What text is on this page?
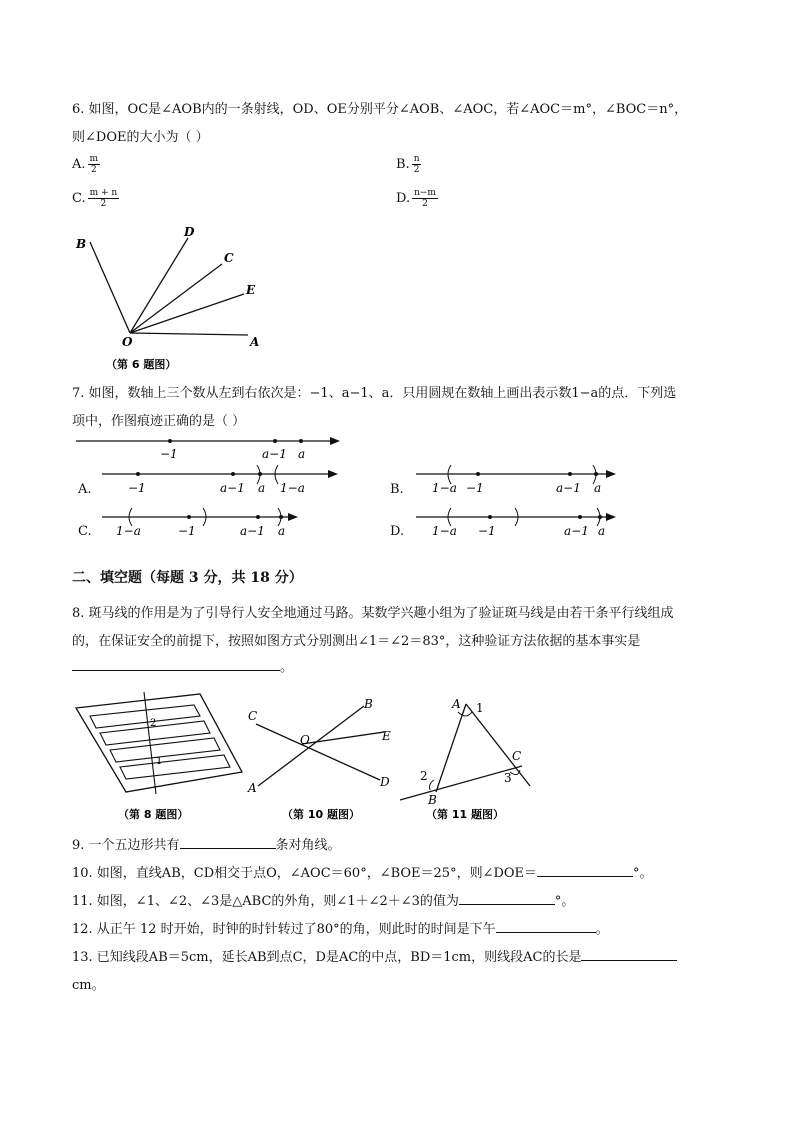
6. 如图，OC是∠AOB内的一条射线，OD、OE分别平分∠AOB、∠AOC，若∠AOC＝m°，∠BOC＝n°，
则∠DOE的大小为（ ）
A. $\frac{m}{2}$	B. $\frac{n}{2}$
C. $\frac{m + n}{2}$	D. $\frac{n-m}{2}$
B
D
C
E
O	A
（第 6 题图）
7. 如图，数轴上三个数从左到右依次是：−1、a−1、a．只用圆规在数轴上画出表示数1−a的点．下列选
项中，作图痕迹正确的是（ ）
−1	a−1 a
A.	−1	a−1 a 1−a	B. 1−a −1	a−1 a
C. 1−a	−1	a−1 a	D. 1−a −1	a−1 a
二、填空题（每题 3 分，共 18 分）
8. 斑马线的作用是为了引导行人安全地通过马路。某数学兴趣小组为了验证斑马线是由若干条平行线组成
的，在保证安全的前提下，按照如图方式分别测出∠1＝∠2＝83°，这种验证方法依据的基本事实是
。
2
1
（第 8 题图）
C
B
O	E
A	D
（第 10 题图）
A 1
C
2	3
B
（第 11 题图）
9. 一个五边形共有	条对角线。
10. 如图，直线AB，CD相交于点O，∠AOC＝60°，∠BOE＝25°，则∠DOE＝	°。
11. 如图，∠1、∠2、∠3是△ABC的外角，则∠1＋∠2＋∠3的值为	°。
12. 从正午 12 时开始，时钟的时针转过了80°的角，则此时的时间是下午	。
13. 已知线段AB＝5cm，延长AB到点C，D是AC的中点，BD＝1cm，则线段AC的长是
cm。
